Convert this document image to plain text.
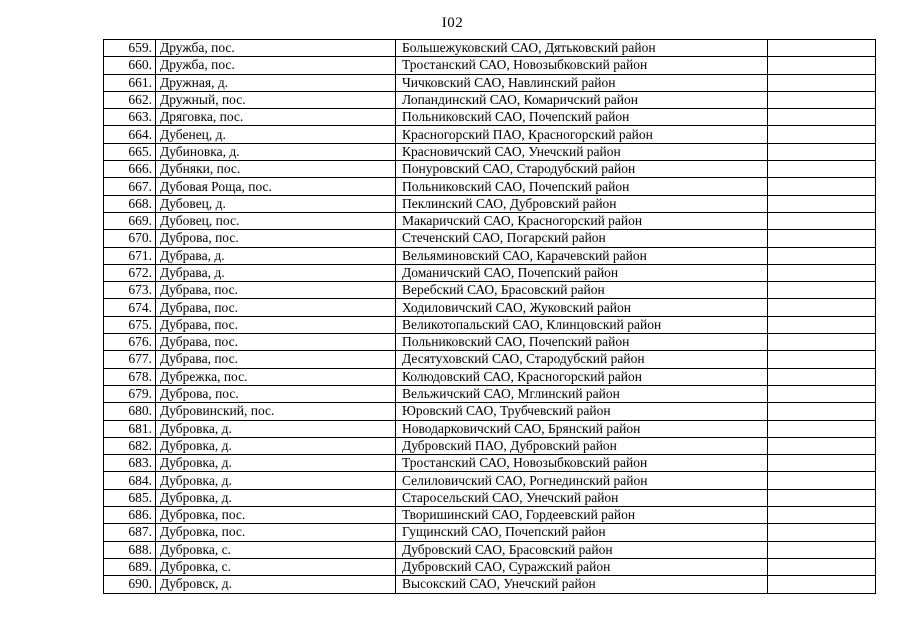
I02
659.	Дружба, пос.	Большежуковский САО, Дятьковский район	
660.	Дружба, пос.	Тростанский САО, Новозыбковский район	
661.	Дружная, д.	Чичковский САО, Навлинский район	
662.	Дружный, пос.	Лопандинский САО, Комаричский район	
663.	Дряговка, пос.	Польниковский САО, Почепский район	
664.	Дубенец, д.	Красногорский ПАО, Красногорский район	
665.	Дубиновка, д.	Красновичский САО, Унечский район	
666.	Дубняки, пос.	Понуровский САО, Стародубский район	
667.	Дубовая Роща, пос.	Польниковский САО, Почепский район	
668.	Дубовец, д.	Пеклинский САО, Дубровский район	
669.	Дубовец, пос.	Макаричский САО, Красногорский район	
670.	Дуброва, пос.	Стеченский САО, Погарский район	
671.	Дубрава, д.	Вельяминовский САО, Карачевский район	
672.	Дубрава, д.	Доманичский САО, Почепский район	
673.	Дубрава, пос.	Веребский САО, Брасовский район	
674.	Дубрава, пос.	Ходиловичский САО, Жуковский район	
675.	Дубрава, пос.	Великотопальский САО, Клинцовский район	
676.	Дубрава, пос.	Польниковский САО, Почепский район	
677.	Дубрава, пос.	Десятуховский САО, Стародубский район	
678.	Дубрежка, пос.	Колюдовский САО, Красногорский район	
679.	Дуброва, пос.	Вельжичский САО, Мглинский район	
680.	Дубровинский, пос.	Юровский САО, Трубчевский район	
681.	Дубровка, д.	Новодарковичский САО, Брянский район	
682.	Дубровка, д.	Дубровский ПАО, Дубровский район	
683.	Дубровка, д.	Тростанский САО, Новозыбковский район	
684.	Дубровка, д.	Селиловичский САО, Рогнединский район	
685.	Дубровка, д.	Старосельский САО, Унечский район	
686.	Дубровка, пос.	Творишинский САО, Гордеевский район	
687.	Дубровка, пос.	Гущинский САО, Почепский район	
688.	Дубровка, с.	Дубровский САО, Брасовский район	
689.	Дубровка, с.	Дубровский САО, Суражский район	
690.	Дубровск, д.	Высокский САО, Унечский район	
